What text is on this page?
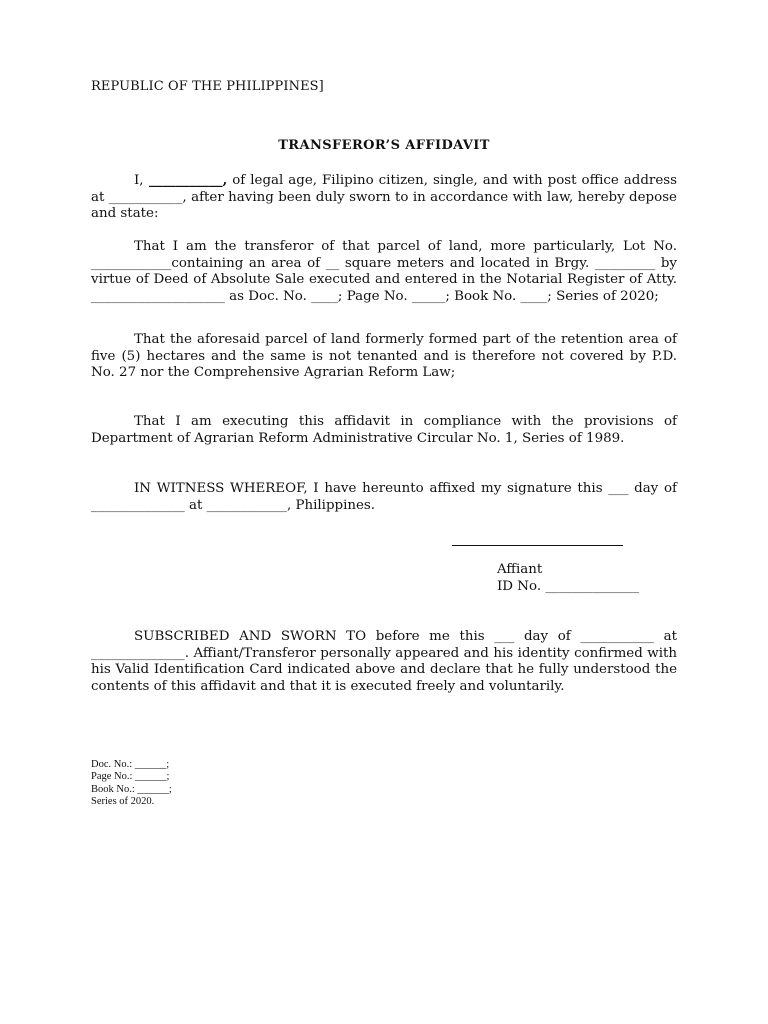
REPUBLIC OF THE PHILIPPINES]
TRANSFEROR’S AFFIDAVIT

I, ___________, of legal age, Filipino citizen, single, and with post office address at ___________, after having been duly sworn to in accordance with law, hereby depose and state:

That I am the transferor of that parcel of land, more particularly, Lot No. ____________containing an area of __ square meters and located in Brgy. _________ by virtue of Deed of Absolute Sale executed and entered in the Notarial Register of Atty. ____________________ as Doc. No. ____; Page No. _____; Book No. ____; Series of 2020;

That the aforesaid parcel of land formerly formed part of the retention area of five (5) hectares and the same is not tenanted and is therefore not covered by P.D. No. 27 nor the Comprehensive Agrarian Reform Law;

That I am executing this affidavit in compliance with the provisions of Department of Agrarian Reform Administrative Circular No. 1, Series of 1989.

IN WITNESS WHEREOF, I have hereunto affixed my signature this ___ day of ______________ at ____________, Philippines.

Affiant
ID No. ______________

SUBSCRIBED AND SWORN TO before me this ___ day of ___________ at ______________. Affiant/Transferor personally appeared and his identity confirmed with his Valid Identification Card indicated above and declare that he fully understood the contents of this affidavit and that it is executed freely and voluntarily.

Doc. No.: ______;
Page No.: ______;
Book No.: ______;
Series of 2020.
